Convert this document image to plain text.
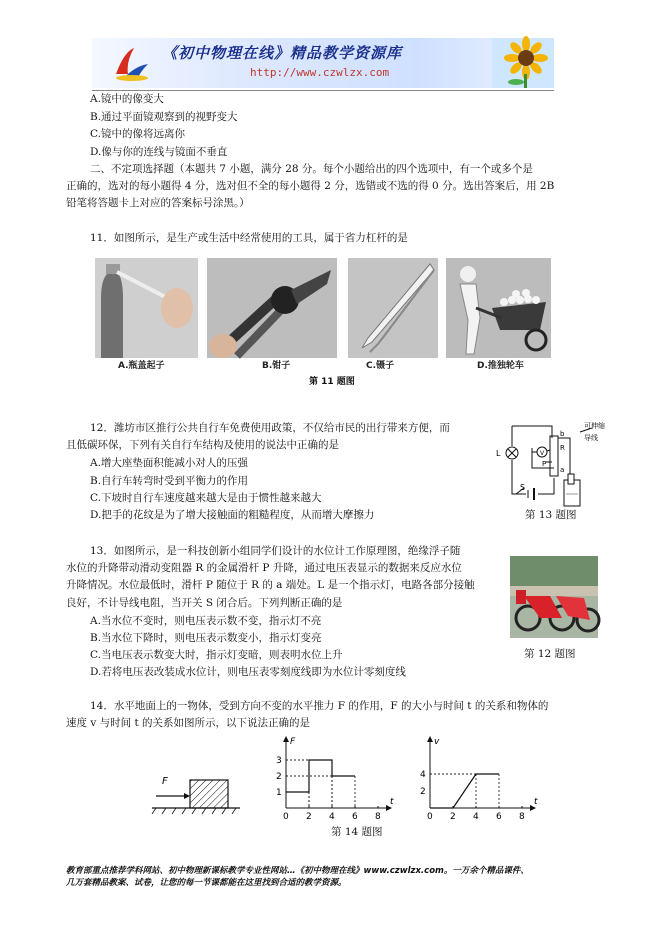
《初中物理在线》精品教学资源库
http://www.czwlzx.com
A.镜中的像变大
B.通过平面镜观察到的视野变大
C.镜中的像将远离你
D.像与你的连线与镜面不垂直
二、不定项选择题（本题共 7 小题，满分 28 分。每个小题给出的四个选项中，有一个或多个是
正确的，选对的每小题得 4 分，选对但不全的每小题得 2 分，选错或不选的得 0 分。选出答案后，用 2B
铅笔将答题卡上对应的答案标号涂黑。）
11．如图所示，是生产或生活中经常使用的工具，属于省力杠杆的是
A.瓶盖起子	B.钳子	C.镊子	D.推独轮车
第 11 题图
12．潍坊市区推行公共自行车免费使用政策，不仅给市民的出行带来方便，而
且低碳环保，下列有关自行车结构及使用的说法中正确的是
A.增大座垫面积能减小对人的压强
B.自行车转弯时受到平衡力的作用
C.下坡时自行车速度越来越大是由于惯性越来越大
D.把手的花纹是为了增大接触面的粗糙程度，从而增大摩擦力
L
S
V
R
P
a
b
可伸缩
导线
第 13 题图
13．如图所示，是一科技创新小组同学们设计的水位计工作原理图，绝缘浮子随
水位的升降带动滑动变阻器 R 的金属滑杆 P 升降，通过电压表显示的数据来反应水位
升降情况。水位最低时，滑杆 P 随位于 R 的 a 端处。L 是一个指示灯，电路各部分接触
良好，不计导线电阻，当开关 S 闭合后。下列判断正确的是
A.当水位不变时，则电压表示数不变，指示灯不亮
B.当水位下降时，则电压表示数变小，指示灯变亮
C.当电压表示数变大时，指示灯变暗，则表明水位上升
D.若将电压表改装成水位计，则电压表零刻度线即为水位计零刻度线
第 12 题图
14．水平地面上的一物体，受到方向不变的水平推力 F 的作用，F 的大小与时间 t 的关系和物体的
速度 v 与时间 t 的关系如图所示，以下说法正确的是
F
F
t
0 2 4 6 8
1
2
3
v
t
0 2 4 6 8
2
4
第 14 题图
教育部重点推荐学科网站、初中物理新课标教学专业性网站…《初中物理在线》www.czwlzx.com。一万余个精品课件、
几万套精品教案、试卷，让您的每一节课都能在这里找到合适的教学资源。
